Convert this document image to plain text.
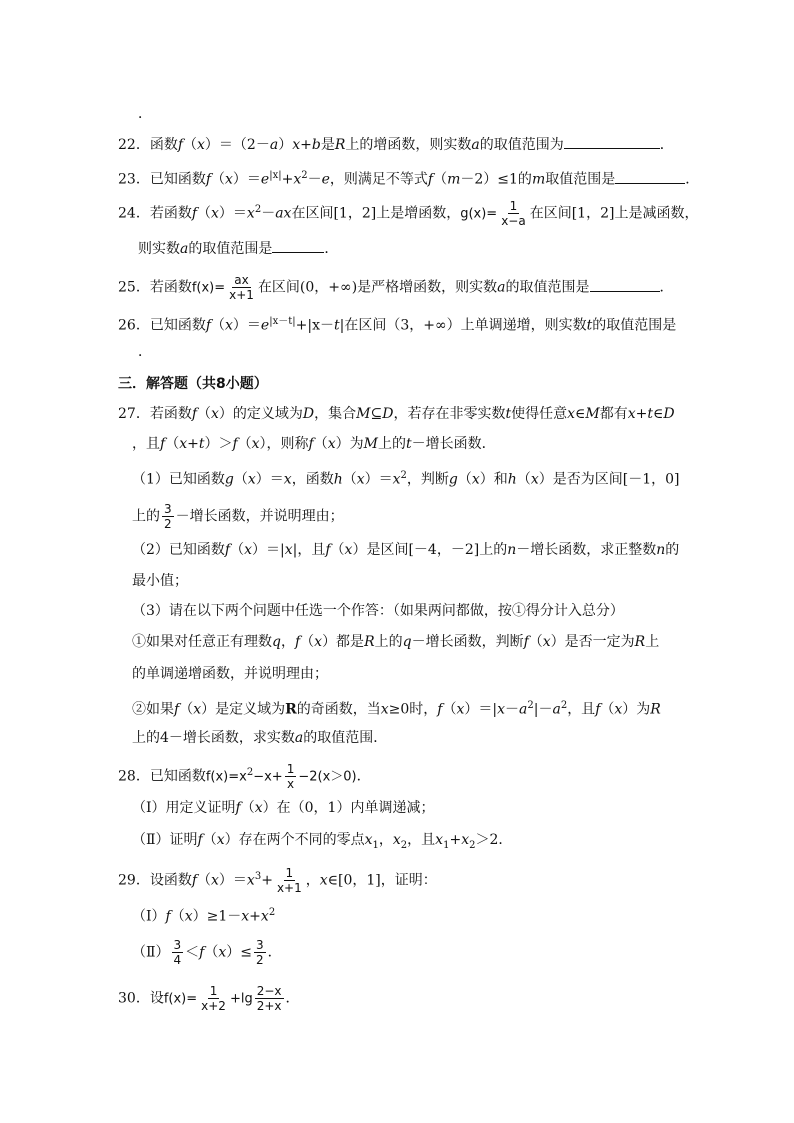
．
22．函数f（x）＝（2－a）x+b是R上的增函数，则实数a的取值范围为	．
23．已知函数$f(x)=e^{|x|}+x^2-e$，则满足不等式f（m－2）≤1的m取值范围是	．
24．若函数$f(x)=x^2-ax$在区间[1，2]上是增函数，$g(x)= \frac{1}{x-a}$ 在区间[1，2]上是减函数，
则实数a的取值范围是	．
25．若函数$f(x)= \frac{ax}{x+1}$ 在区间(0，+∞)是严格增函数，则实数a的取值范围是	．
26．已知函数$f(x)=e^{|x-t|}+|x-t|$在区间（3，+∞）上单调递增，则实数t的取值范围是
．
三．解答题（共8小题）
27．若函数f（x）的定义域为D，集合M⊆D，若存在非零实数t使得任意x∈M都有x+t∈D
，且f（x+t）＞f（x），则称f（x）为M上的t－增长函数．
（1）已知函数g（x）＝x，函数$h(x)=x^2$，判断g（x）和h（x）是否为区间[－1，0]
上的 $\frac{3}{2}$ －增长函数，并说明理由；
（2）已知函数f（x）＝|x|，且f（x）是区间[－4，－2]上的n－增长函数，求正整数n的
最小值；
（3）请在以下两个问题中任选一个作答：（如果两问都做，按①得分计入总分）
①如果对任意正有理数q，f（x）都是R上的q－增长函数，判断f（x）是否一定为R上
的单调递增函数，并说明理由；
②如果f（x）是定义域为R的奇函数，当x≥0时，$f(x)=|x-a^2|-a^2$，且f（x）为R
上的4－增长函数，求实数a的取值范围．
28．已知函数$f(x)=x^2-x+ \frac{1}{x} -2(x>0)$．
（Ⅰ）用定义证明f（x）在（0，1）内单调递减；
（Ⅱ）证明f（x）存在两个不同的零点$x_1$，$x_2$，且$x_1+x_2>2$．
29．设函数$f(x)=x^3+ \frac{1}{x+1}$ ，x∈[0，1]，证明：
$(Ⅰ)f(x)\ge 1-x+x^2$
（Ⅱ） $\frac{3}{4} <f(x)\le \frac{3}{2}$ ．
30．设$f(x)= \frac{1}{x+2} +\lg \frac{2-x}{2+x}$ ．
